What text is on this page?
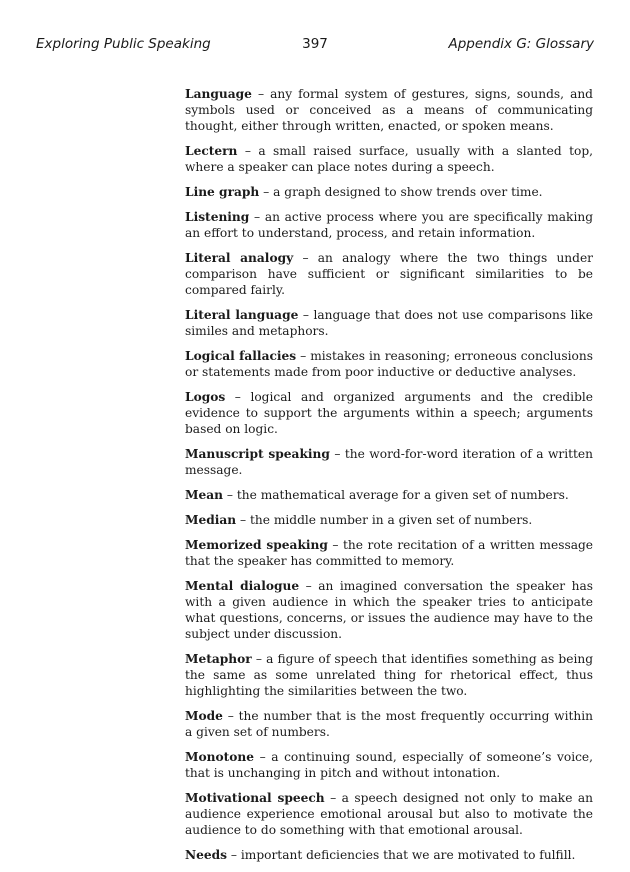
Exploring Public Speaking	397	Appendix G: Glossary

Language – any formal system of gestures, signs, sounds, and symbols used or conceived as a means of communicating thought, either through written, enacted, or spoken means.

Lectern – a small raised surface, usually with a slanted top, where a speaker can place notes during a speech.

Line graph – a graph designed to show trends over time.

Listening – an active process where you are specifically making an effort to understand, process, and retain information.

Literal analogy – an analogy where the two things under comparison have sufficient or significant similarities to be compared fairly.

Literal language – language that does not use comparisons like similes and metaphors.

Logical fallacies – mistakes in reasoning; erroneous conclusions or statements made from poor inductive or deductive analyses.

Logos – logical and organized arguments and the credible evidence to support the arguments within a speech; arguments based on logic.

Manuscript speaking – the word-for-word iteration of a written message.

Mean – the mathematical average for a given set of numbers.

Median – the middle number in a given set of numbers.

Memorized speaking – the rote recitation of a written message that the speaker has committed to memory.

Mental dialogue – an imagined conversation the speaker has with a given audience in which the speaker tries to anticipate what questions, concerns, or issues the audience may have to the subject under discussion.

Metaphor – a figure of speech that identifies something as being the same as some unrelated thing for rhetorical effect, thus highlighting the similarities between the two.

Mode – the number that is the most frequently occurring within a given set of numbers.

Monotone – a continuing sound, especially of someone’s voice, that is unchanging in pitch and without intonation.

Motivational speech – a speech designed not only to make an audience experience emotional arousal but also to motivate the audience to do something with that emotional arousal.

Needs – important deficiencies that we are motivated to fulfill.
